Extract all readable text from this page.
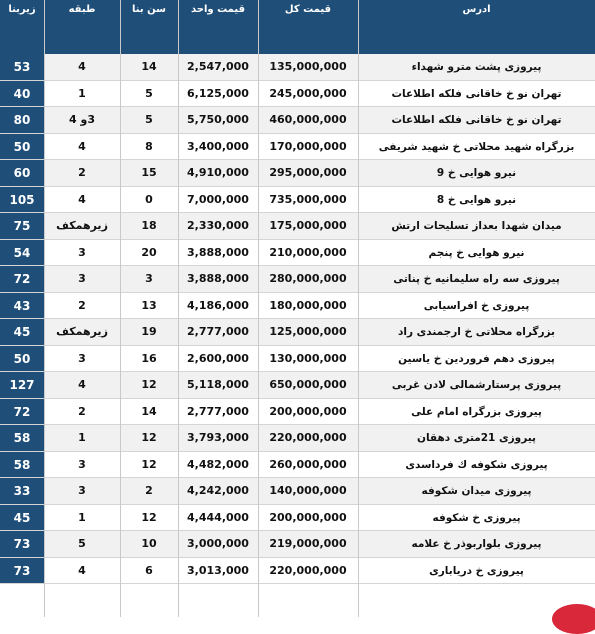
زیربنا	طبقه	سن بنا	قیمت واحد	قیمت کل	ادرس
53	4	14	2,547,000	135,000,000	پیروزی پشت مترو شهداء
40	1	5	6,125,000	245,000,000	تهران نو خ خاقانی فلکه اطلاعات
80	3و 4	5	5,750,000	460,000,000	تهران نو خ خاقانی فلکه اطلاعات
50	4	8	3,400,000	170,000,000	بزرگراه شهید محلاتی خ شهید شریفی
60	2	15	4,910,000	295,000,000	نیرو هوایی خ 9
105	4	0	7,000,000	735,000,000	نیرو هوایی خ 8
75	زیرهمکف	18	2,330,000	175,000,000	میدان شهدا بعداز تسلیحات ارتش
54	3	20	3,888,000	210,000,000	نیرو هوایی خ پنجم
72	3	3	3,888,000	280,000,000	پیروزی سه راه سلیمانیه خ پناتی
43	2	13	4,186,000	180,000,000	پیروزی خ افراسیابی
45	زیرهمکف	19	2,777,000	125,000,000	بزرگراه محلاتی خ ارجمندی راد
50	3	16	2,600,000	130,000,000	پیروزی دهم فروردین خ یاسین
127	4	12	5,118,000	650,000,000	پیروزی پرستارشمالی لادن غربی
72	2	14	2,777,000	200,000,000	پیروزی بزرگراه امام علی
58	1	12	3,793,000	220,000,000	پیروزی 21متری دهقان
58	3	12	4,482,000	260,000,000	پیروزی شکوفه ك فرداسدی
33	3	2	4,242,000	140,000,000	پیروزی میدان شکوفه
45	1	12	4,444,000	200,000,000	پیروزی خ شکوفه
73	5	10	3,000,000	219,000,000	پیروزی بلواربوذر خ علامه
73	4	6	3,013,000	220,000,000	پیروزی خ دریابارى
